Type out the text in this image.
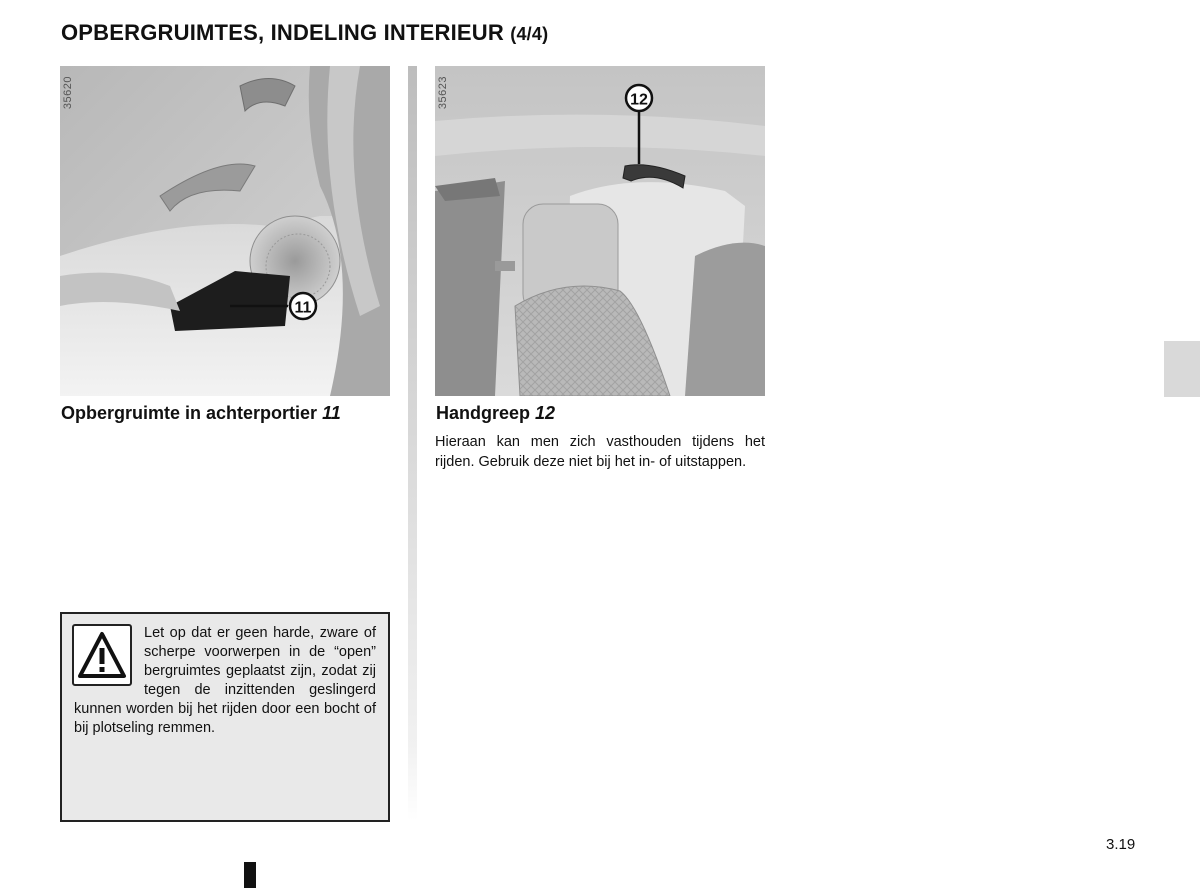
OPBERGRUIMTES, INDELING INTERIEUR (4/4)
11
35620	12
35623
Opbergruimte in achterportier 11	Handgreep 12
Hieraan kan men zich vasthouden tijdens het rijden. Gebruik deze niet bij het in- of uitstappen.
Let op dat er geen harde, zware of scherpe voorwerpen in de “open” bergruimtes geplaatst zijn, zodat zij tegen de inzittenden geslingerd kunnen worden bij het rijden door een bocht of bij plotseling remmen.
3.19
